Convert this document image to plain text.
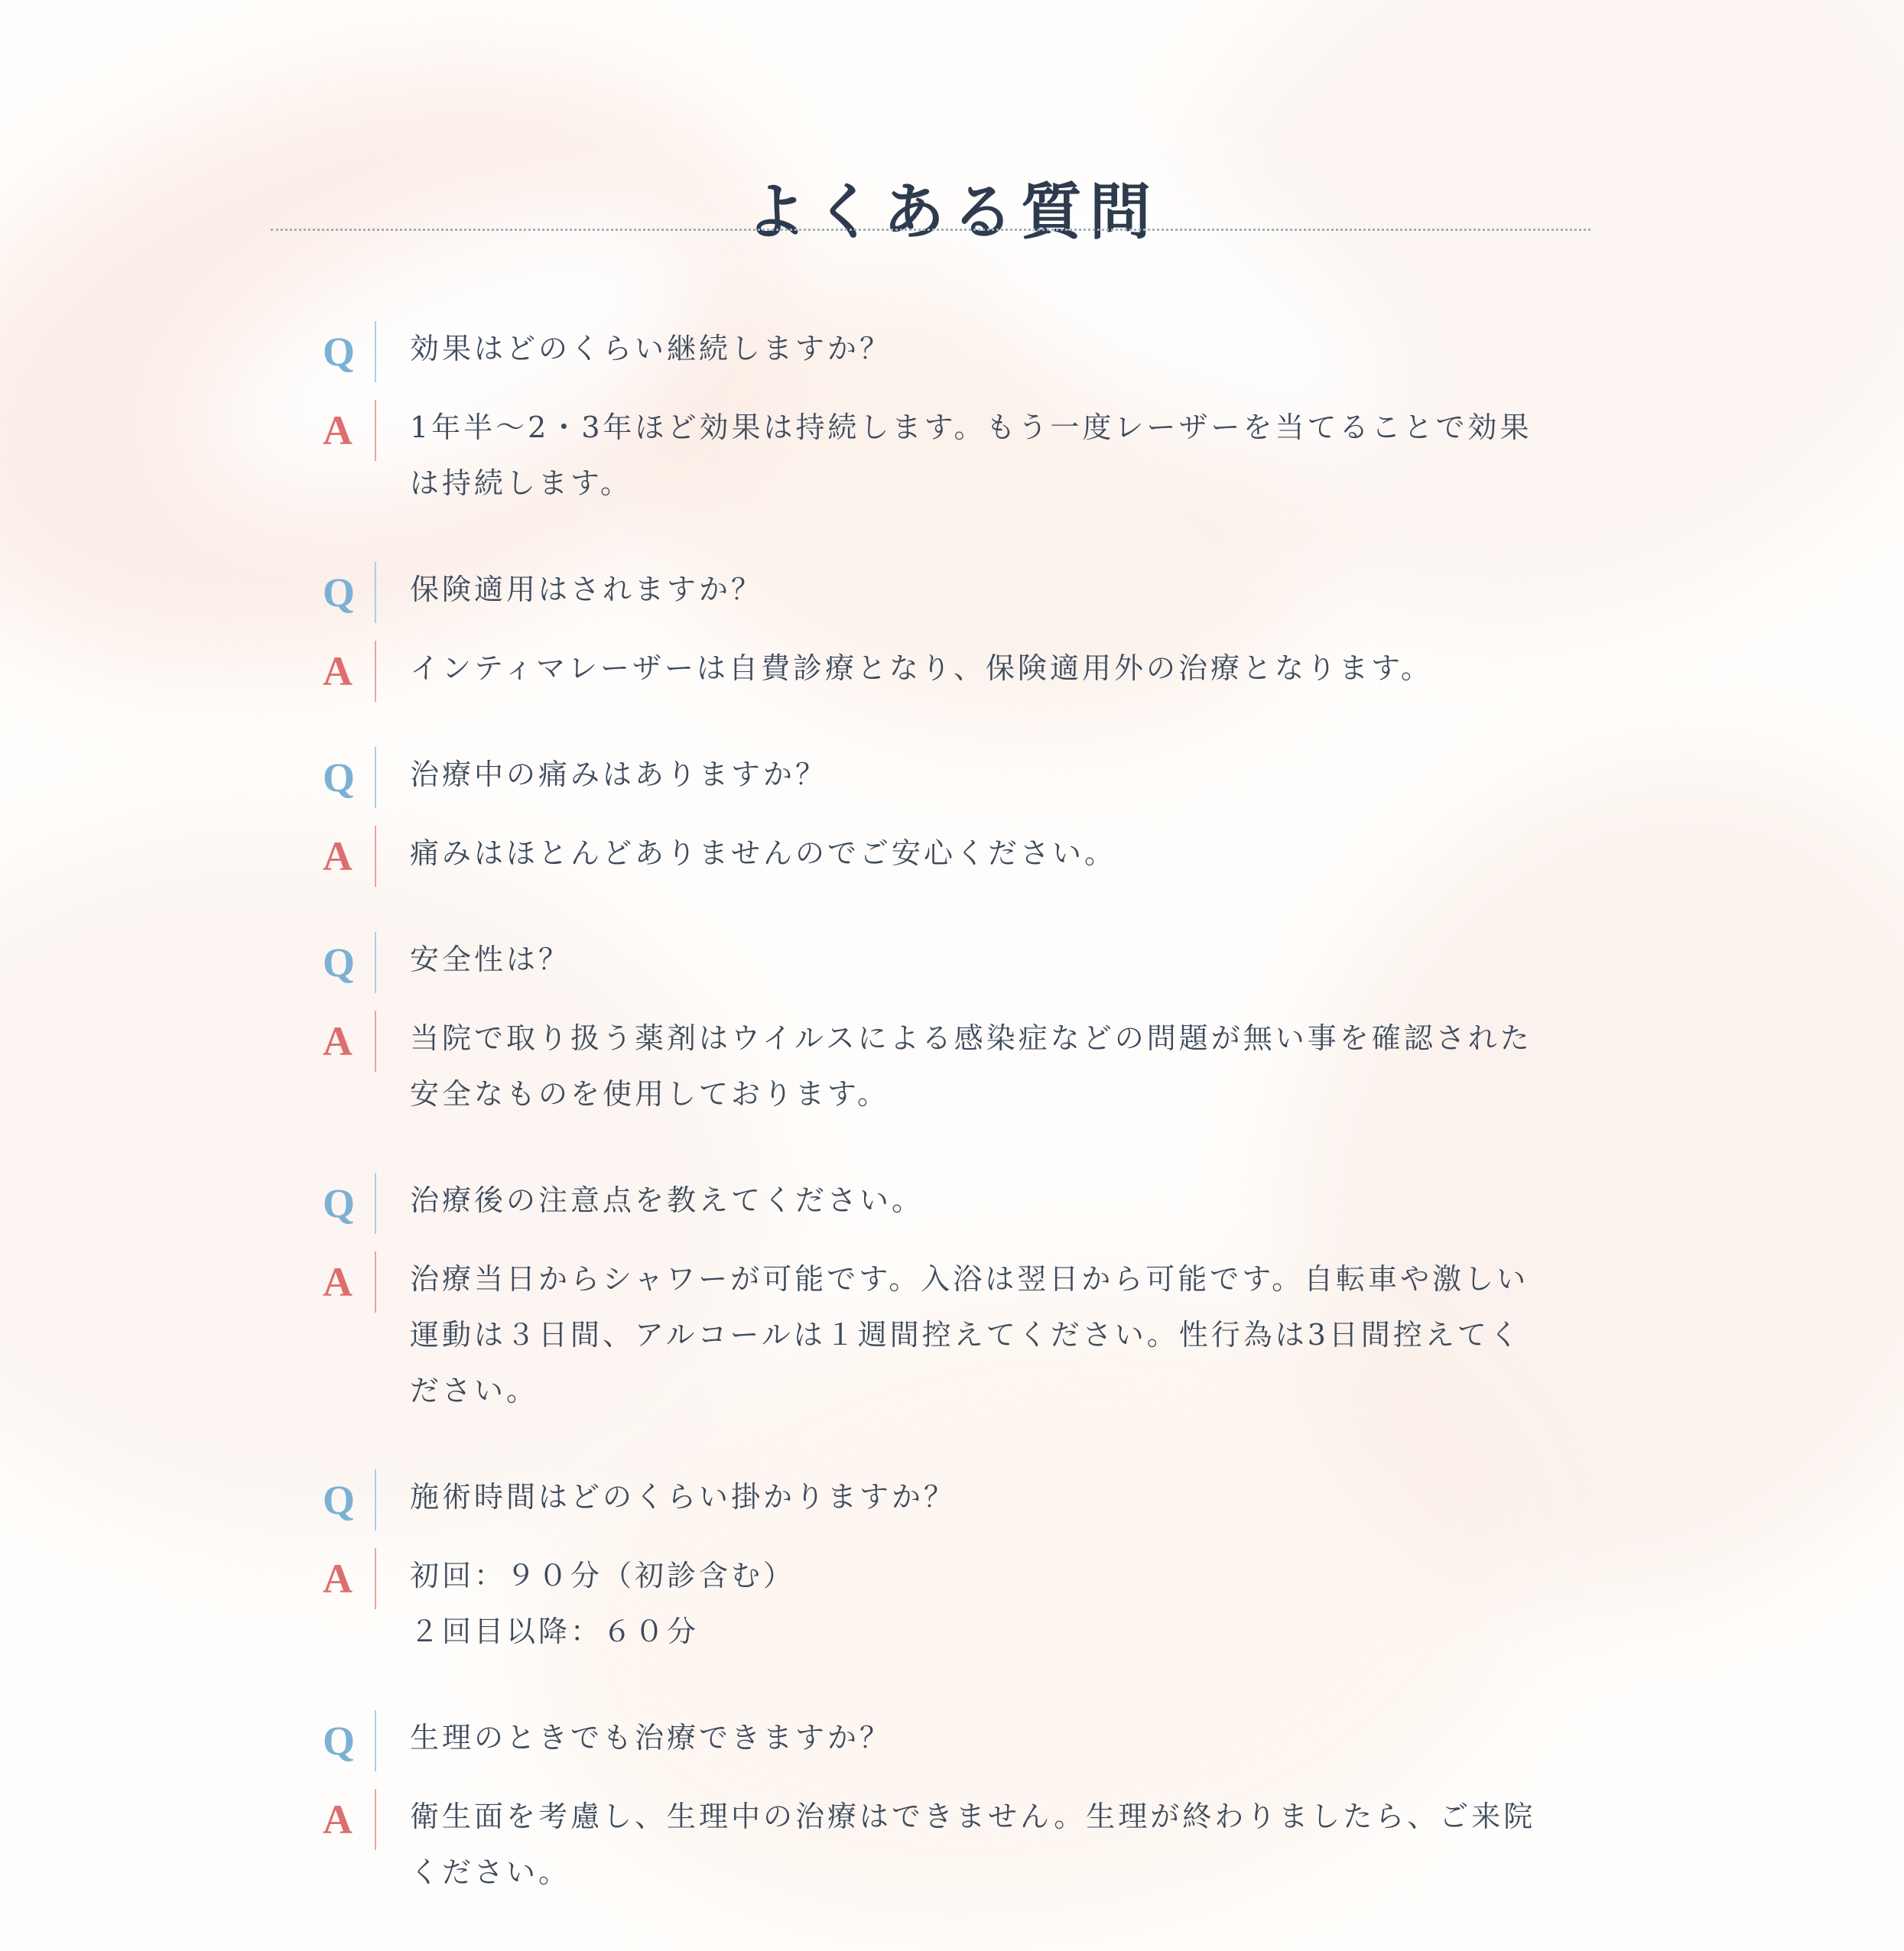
よくある質問
Q	効果はどのくらい継続しますか？
A	1年半〜2・3年ほど効果は持続します。もう一度レーザーを当てることで効果は持続します。
Q	保険適用はされますか？
A	インティマレーザーは自費診療となり、保険適用外の治療となります。
Q	治療中の痛みはありますか？
A	痛みはほとんどありませんのでご安心ください。
Q	安全性は？
A	当院で取り扱う薬剤はウイルスによる感染症などの問題が無い事を確認された安全なものを使用しております。
Q	治療後の注意点を教えてください。
A	治療当日からシャワーが可能です。入浴は翌日から可能です。自転車や激しい運動は３日間、アルコールは１週間控えてください。性行為は3日間控えてください。
Q	施術時間はどのくらい掛かりますか？
A	初回：９０分（初診含む）
２回目以降：６０分
Q	生理のときでも治療できますか？
A	衛生面を考慮し、生理中の治療はできません。生理が終わりましたら、ご来院ください。
